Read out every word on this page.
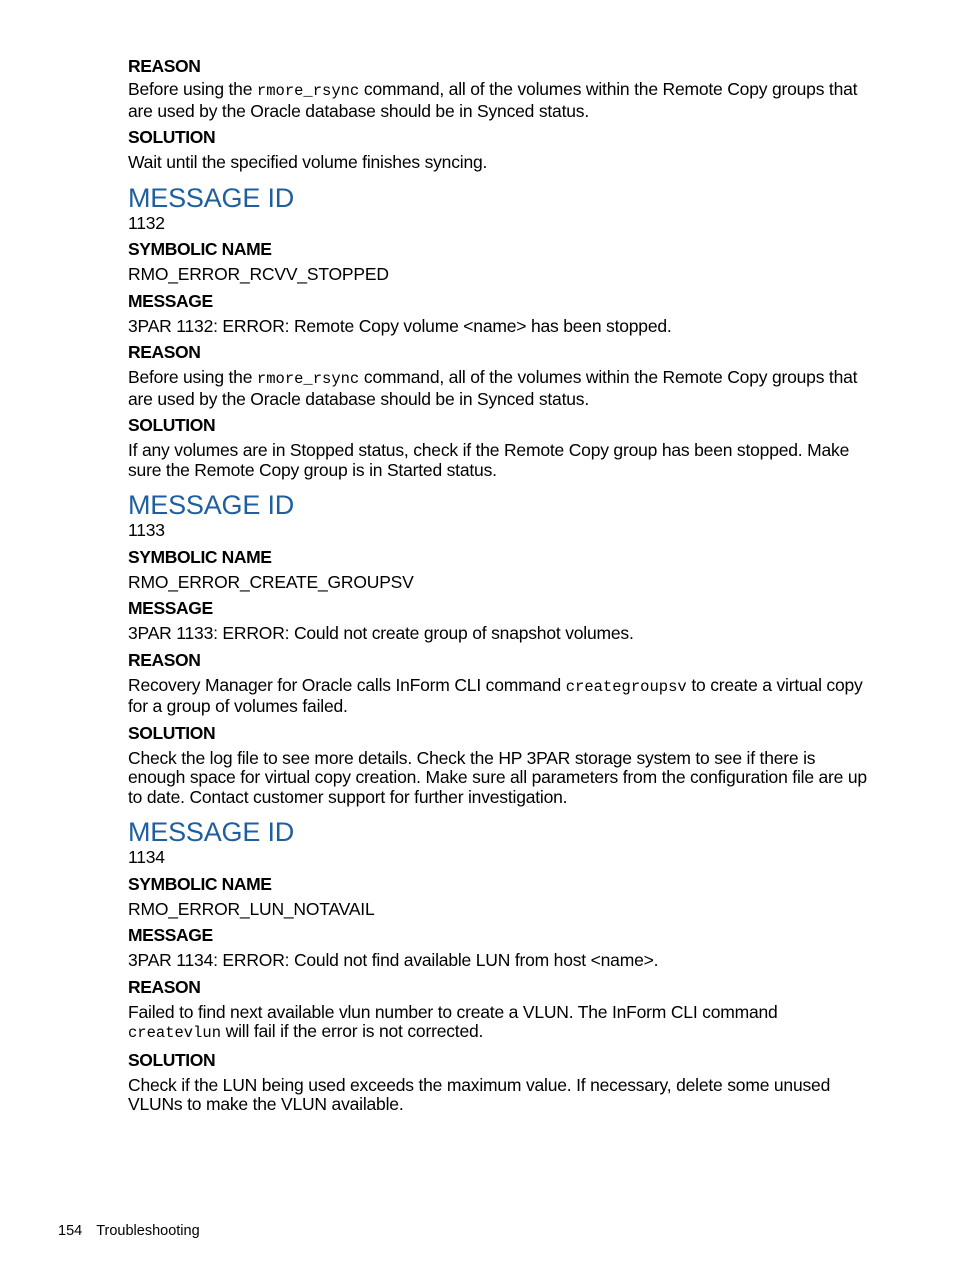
REASON

Before using the rmore_rsync command, all of the volumes within the Remote Copy groups that are used by the Oracle database should be in Synced status.

SOLUTION

Wait until the specified volume finishes syncing.

MESSAGE ID

1132

SYMBOLIC NAME

RMO_ERROR_RCVV_STOPPED

MESSAGE

3PAR 1132: ERROR: Remote Copy volume <name> has been stopped.

REASON

Before using the rmore_rsync command, all of the volumes within the Remote Copy groups that are used by the Oracle database should be in Synced status.

SOLUTION

If any volumes are in Stopped status, check if the Remote Copy group has been stopped. Make sure the Remote Copy group is in Started status.

MESSAGE ID

1133

SYMBOLIC NAME

RMO_ERROR_CREATE_GROUPSV

MESSAGE

3PAR 1133: ERROR: Could not create group of snapshot volumes.

REASON

Recovery Manager for Oracle calls InForm CLI command creategroupsv to create a virtual copy for a group of volumes failed.

SOLUTION

Check the log file to see more details. Check the HP 3PAR storage system to see if there is enough space for virtual copy creation. Make sure all parameters from the configuration file are up to date. Contact customer support for further investigation.

MESSAGE ID

1134

SYMBOLIC NAME

RMO_ERROR_LUN_NOTAVAIL

MESSAGE

3PAR 1134: ERROR: Could not find available LUN from host <name>.

REASON

Failed to find next available vlun number to create a VLUN. The InForm CLI command createvlun will fail if the error is not corrected.

SOLUTION

Check if the LUN being used exceeds the maximum value. If necessary, delete some unused VLUNs to make the VLUN available.

154 Troubleshooting
